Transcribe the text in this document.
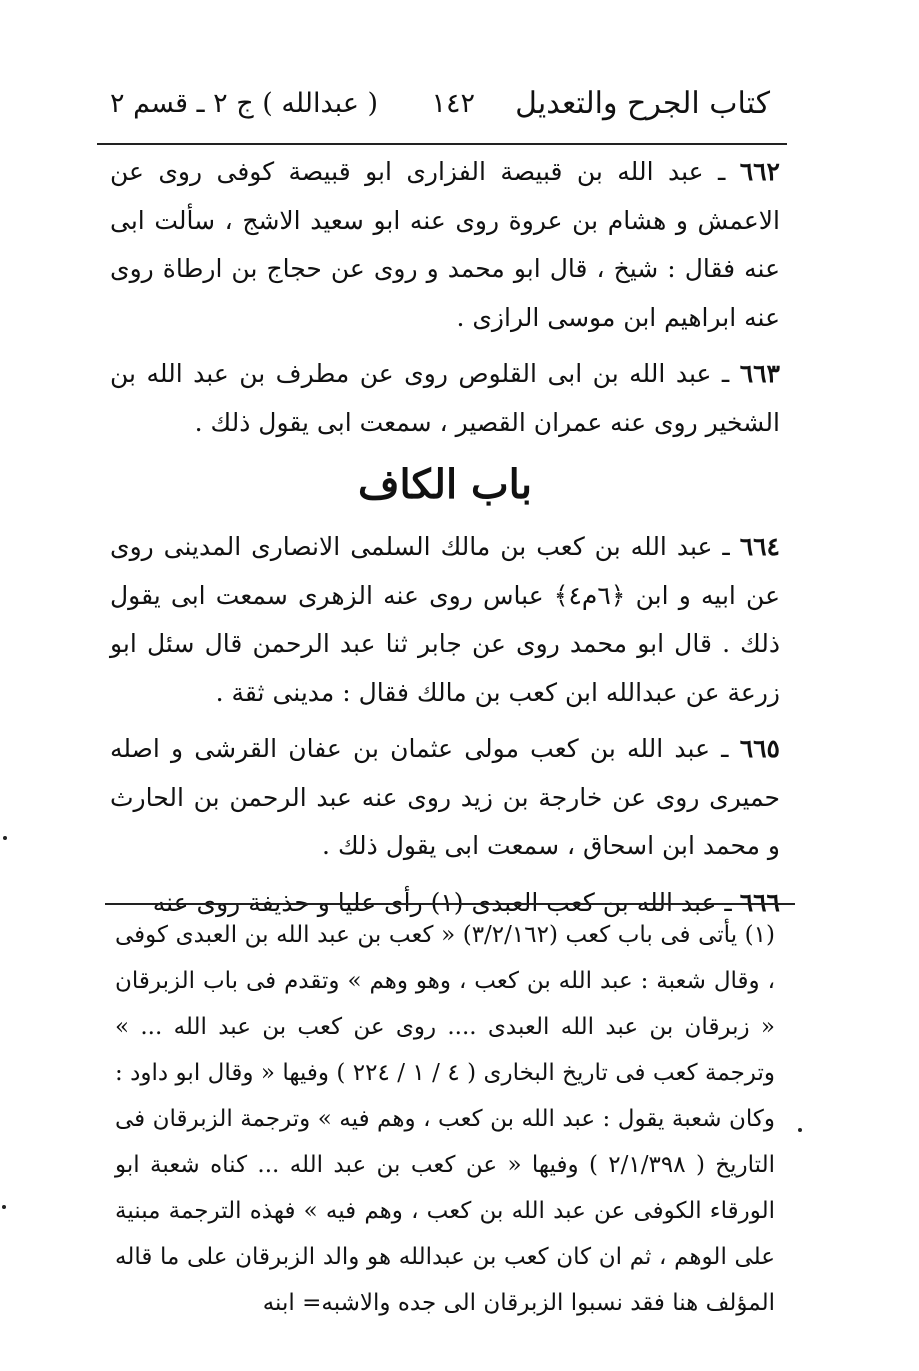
كتاب الجرح والتعديل
١٤٢
( عبدالله ) ج ٢ ـ قسم ٢

٦٦٢ ـ عبد الله بن قبيصة الفزارى ابو قبيصة كوفى روى عن الاعمش و هشام بن عروة روى عنه ابو سعيد الاشج ، سألت ابى عنه فقال : شيخ ، قال ابو محمد و روى عن حجاج بن ارطاة روى عنه ابراهيم ابن موسى الرازى .

٦٦٣ ـ عبد الله بن ابى القلوص روى عن مطرف بن عبد الله بن الشخير روى عنه عمران القصير ، سمعت ابى يقول ذلك .

باب الكاف

٦٦٤ ـ عبد الله بن كعب بن مالك السلمى الانصارى المدينى روى عن ابيه و ابن ﴿٦م٤﴾ عباس روى عنه الزهرى سمعت ابى يقول ذلك . قال ابو محمد روى عن جابر ثنا عبد الرحمن قال سئل ابو زرعة عن عبدالله ابن كعب بن مالك فقال : مدينى ثقة .

٦٦٥ ـ عبد الله بن كعب مولى عثمان بن عفان القرشى و اصله حميرى روى عن خارجة بن زيد روى عنه عبد الرحمن بن الحارث و محمد ابن اسحاق ، سمعت ابى يقول ذلك .

٦٦٦ ـ عبد الله بن كعب العبدى (١) رأى عليا و حذيفة روى عنه

(١) يأتى فى باب كعب (٣/٢/١٦٢) « كعب بن عبد الله بن العبدى كوفى ، وقال شعبة : عبد الله بن كعب ، وهو وهم » وتقدم فى باب الزبرقان « زبرقان بن عبد الله العبدى .... روى عن كعب بن عبد الله ... » وترجمة كعب فى تاريخ البخارى ( ٤ / ١ / ٢٢٤ ) وفيها « وقال ابو داود : وكان شعبة يقول : عبد الله بن كعب ، وهم فيه » وترجمة الزبرقان فى التاريخ ( ٢/١/٣٩٨ ) وفيها « عن كعب بن عبد الله ... كناه شعبة ابو الورقاء الكوفى عن عبد الله بن كعب ، وهم فيه » فهذه الترجمة مبنية على الوهم ، ثم ان كان كعب بن عبدالله هو والد الزبرقان على ما قاله المؤلف هنا فقد نسبوا الزبرقان الى جده والاشبه= ابنه
